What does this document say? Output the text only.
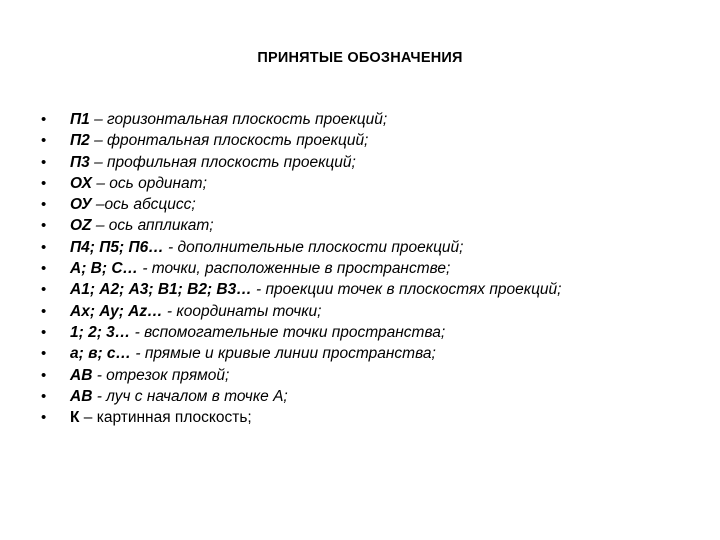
ПРИНЯТЫЕ ОБОЗНАЧЕНИЯ
• П1 – горизонтальная плоскость проекций;
• П2 – фронтальная плоскость проекций;
• П3 – профильная плоскость проекций;
• ОХ – ось ординат;
• ОУ –ось абсцисс;
• OZ – ось аппликат;
• П4; П5; П6… - дополнительные плоскости проекций;
• А; В; С… - точки, расположенные в пространстве;
• А1; А2; А3; В1; В2; В3… - проекции точек в плоскостях проекций;
• Ах; Ау; Аz… - координаты точки;
• 1; 2; 3… - вспомогательные точки пространства;
• а; в; с… - прямые и кривые линии пространства;
• АВ - отрезок прямой;
• АВ - луч с началом в точке А;
• К – картинная плоскость;
